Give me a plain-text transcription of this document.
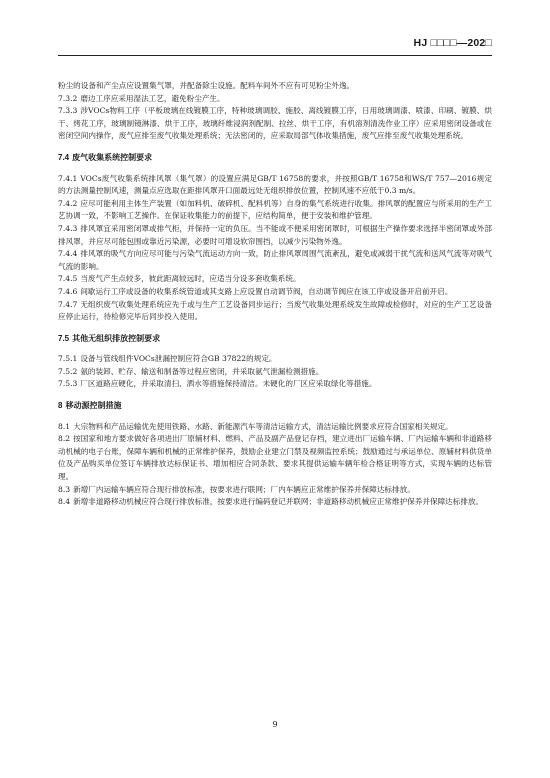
HJ □□□□—202□
粉尘的设备和产尘点应设置集气罩，并配备除尘设施。配料车间外不应有可见粉尘外逸。
7.3.2 磨边工序应采用湿法工艺，避免粉尘产生。
7.3.3 涉VOCs物料工序（平板玻璃在线镀膜工序，特种玻璃调胶、施胶、离线镀膜工序，日用玻璃调漆、喷漆、印刷、镀膜、烘干、烤花工序，玻璃制镜淋漆、烘干工序，玻璃纤维浸润剂配制、拉丝、烘干工序，有机溶剂清洗作业工序）应采用密闭设备或在密闭空间内操作，废气应排至废气收集处理系统；无法密闭的，应采取局部气体收集措施，废气应排至废气收集处理系统。
7.4 废气收集系统控制要求
7.4.1 VOCs废气收集系统排风罩（集气罩）的设置应满足GB/T 16758的要求，并按照GB/T 16758和WS/T 757—2016规定的方法测量控制风速，测量点应选取在距排风罩开口面最远处无组织排放位置，控制风速不应低于0.3 m/s。
7.4.2 应尽可能利用主体生产装置（如加料机、破碎机、配料机等）自身的集气系统进行收集。排风罩的配置应与所采用的生产工艺协调一致，不影响工艺操作。在保证收集能力的前提下，应结构简单，便于安装和维护管理。
7.4.3 排风罩宜采用密闭罩或排气柜，并保持一定的负压。当不能或不便采用密闭罩时，可根据生产操作要求选择半密闭罩或外部排风罩，并应尽可能包围或靠近污染源，必要时可增设软帘围挡，以减少污染物外逸。
7.4.4 排风罩的吸气方向应尽可能与污染气流运动方向一致，防止排风罩周围气流紊乱，避免或减弱干扰气流和送风气流等对吸气气流的影响。
7.4.5 当废气产生点较多，彼此距离较远时，应适当分设多套收集系统。
7.4.6 间歇运行工序或设备的收集系统管道或其支路上应设置自动调节阀，自动调节阀应在该工序或设备开启前开启。
7.4.7 无组织废气收集处理系统应先于或与生产工艺设备同步运行；当废气收集处理系统发生故障或检修时，对应的生产工艺设备应停止运行，待检修完毕后同步投入使用。
7.5 其他无组织排放控制要求
7.5.1 设备与管线组件VOCs泄漏控制应符合GB 37822的规定。
7.5.2 氨的装卸、贮存、输送和制备等过程应密闭，并采取氨气泄漏检测措施。
7.5.3 厂区道路应硬化，并采取清扫、洒水等措施保持清洁。未硬化的厂区应采取绿化等措施。
8 移动源控制措施
8.1 大宗物料和产品运输优先使用铁路、水路、新能源汽车等清洁运输方式，清洁运输比例要求应符合国家相关规定。
8.2 按国家和地方要求做好各项进出厂原辅材料、燃料、产品及副产品登记存档，建立进出厂运输车辆、厂内运输车辆和非道路移动机械的电子台账，保障车辆和机械的正常维护保养，鼓励企业建立门禁及视频监控系统；鼓励通过与承运单位、原辅材料供货单位及产品购买单位签订车辆排放达标保证书、增加相应合同条款、要求其提供运输车辆年检合格证明等方式，实现车辆的达标管理。
8.3 新增厂内运输车辆应符合现行排放标准，按要求进行联网；厂内车辆应正常维护保养并保障达标排放。
8.4 新增非道路移动机械应符合现行排放标准，按要求进行编码登记并联网；非道路移动机械应正常维护保养并保障达标排放。
9
